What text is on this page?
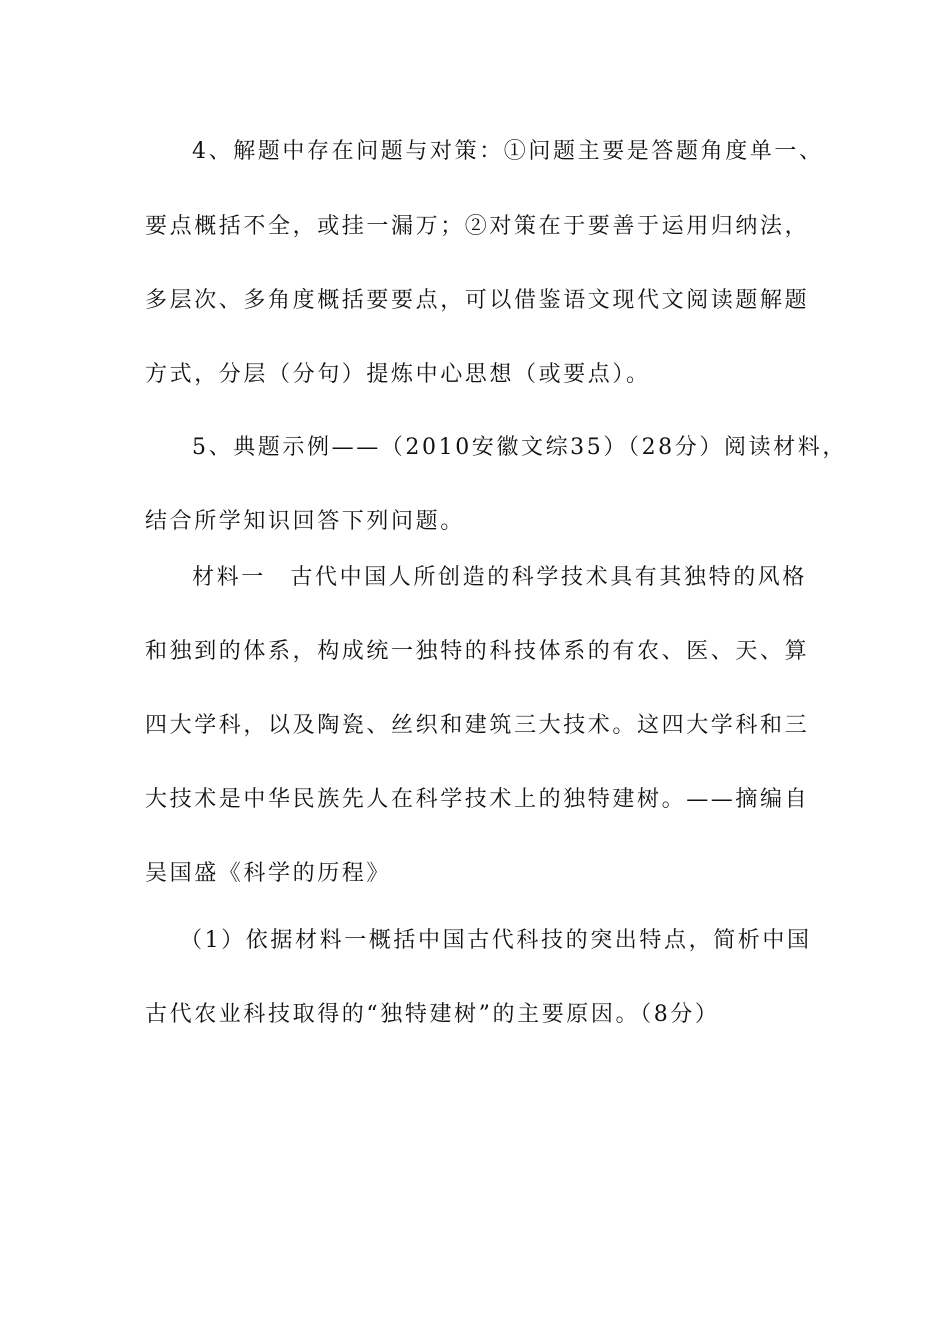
4、解题中存在问题与对策：①问题主要是答题角度单一、
要点概括不全，或挂一漏万；②对策在于要善于运用归纳法，
多层次、多角度概括要要点，可以借鉴语文现代文阅读题解题
方式，分层（分句）提炼中心思想（或要点）。
5、典题示例——（2010安徽文综35）（28分）阅读材料，
结合所学知识回答下列问题。
材料一　古代中国人所创造的科学技术具有其独特的风格
和独到的体系，构成统一独特的科技体系的有农、医、天、算
四大学科，以及陶瓷、丝织和建筑三大技术。这四大学科和三
大技术是中华民族先人在科学技术上的独特建树。——摘编自
吴国盛《科学的历程》
（1）依据材料一概括中国古代科技的突出特点，简析中国
古代农业科技取得的“独特建树”的主要原因。（8分）
